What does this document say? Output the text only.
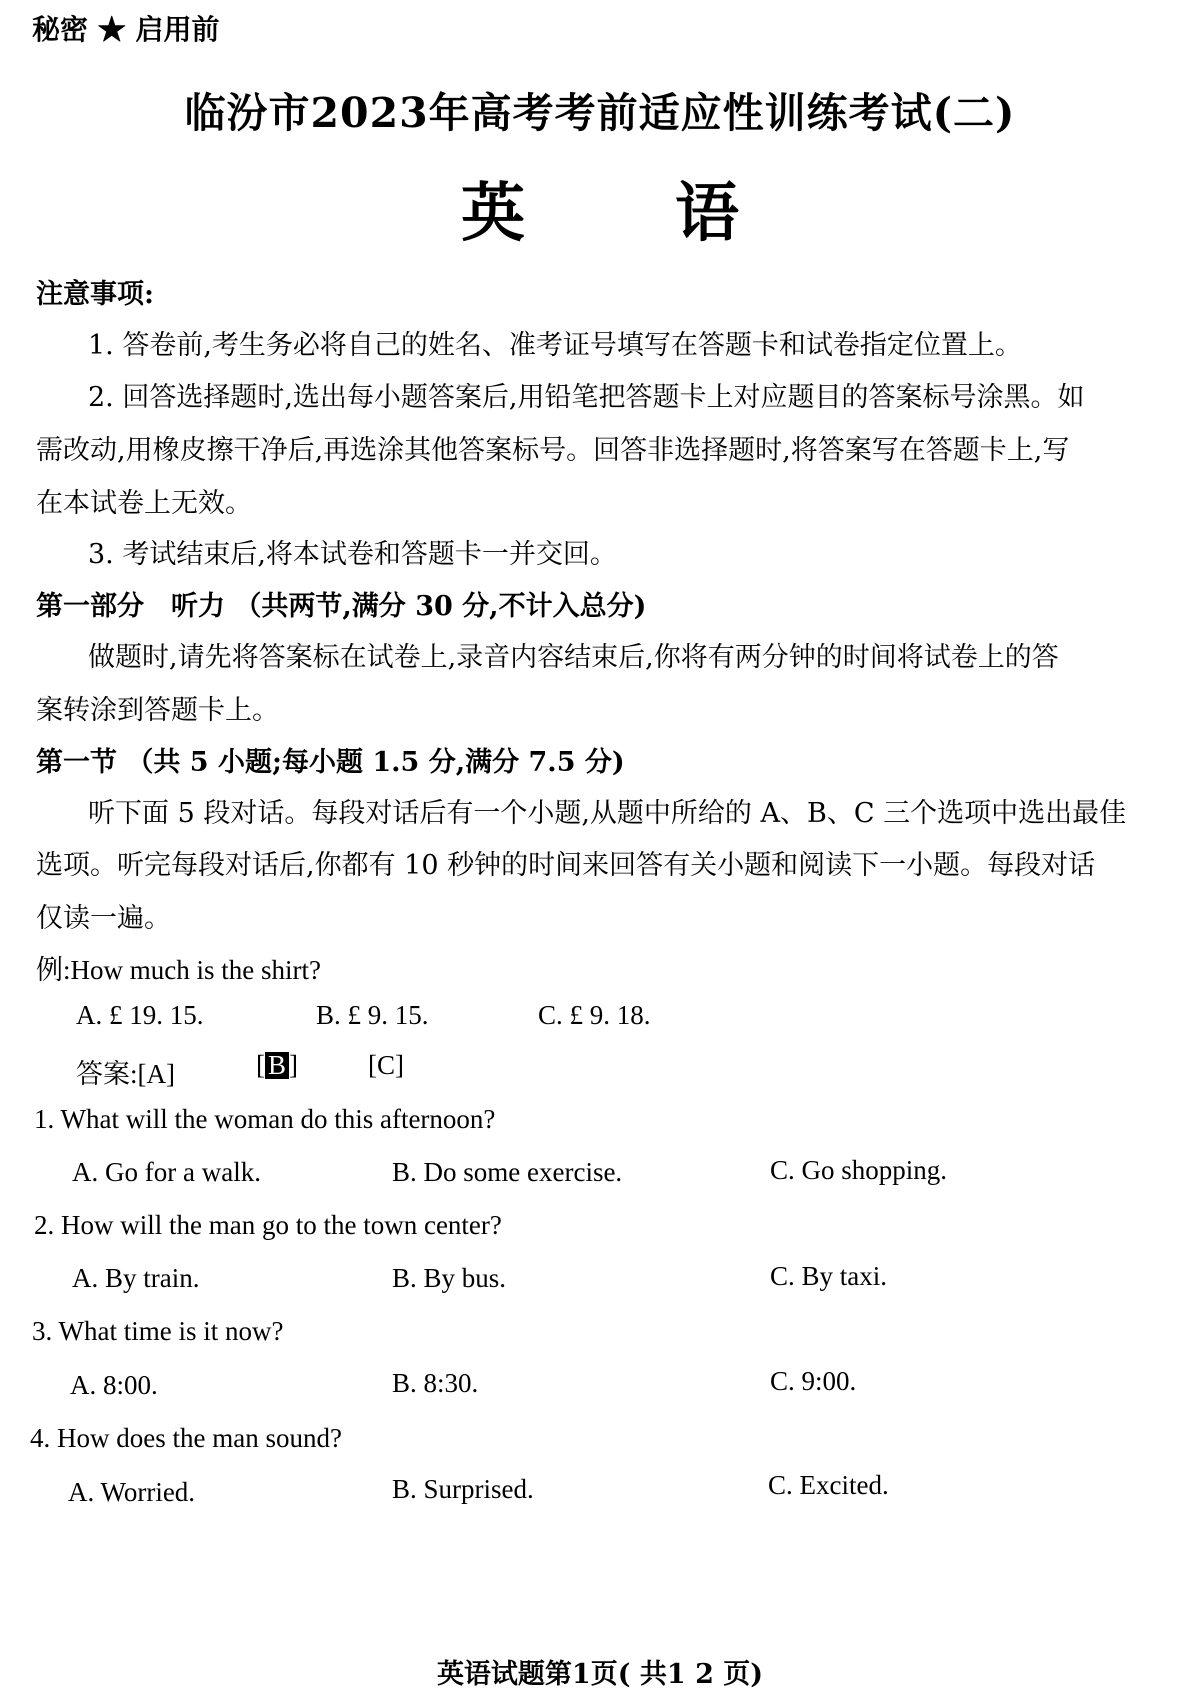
秘密 ★ 启用前
临汾市2023年高考考前适应性训练考试(二)
英 语
注意事项:
1. 答卷前,考生务必将自己的姓名、准考证号填写在答题卡和试卷指定位置上。
2. 回答选择题时,选出每小题答案后,用铅笔把答题卡上对应题目的答案标号涂黑。如
需改动,用橡皮擦干净后,再选涂其他答案标号。回答非选择题时,将答案写在答题卡上,写
在本试卷上无效。
3. 考试结束后,将本试卷和答题卡一并交回。
第一部分　听力 （共两节,满分 30 分,不计入总分)
做题时,请先将答案标在试卷上,录音内容结束后,你将有两分钟的时间将试卷上的答
案转涂到答题卡上。
第一节 （共 5 小题;每小题 1.5 分,满分 7.5 分)
听下面 5 段对话。每段对话后有一个小题,从题中所给的 A、B、C 三个选项中选出最佳
选项。听完每段对话后,你都有 10 秒钟的时间来回答有关小题和阅读下一小题。每段对话
仅读一遍。
例:How much is the shirt?
A. £ 19. 15.	B. £ 9. 15.	C. £ 9. 18.
答案:[A]	[ B ]	[C]
1. What will the woman do this afternoon?
A. Go for a walk.	B. Do some exercise.	C. Go shopping.
2. How will the man go to the town center?
A. By train.	B. By bus.	C. By taxi.
3. What time is it now?
A. 8:00.	B. 8:30.	C. 9:00.
4. How does the man sound?
A. Worried.	B. Surprised.	C. Excited.
英语试题第1页( 共1 2 页)
